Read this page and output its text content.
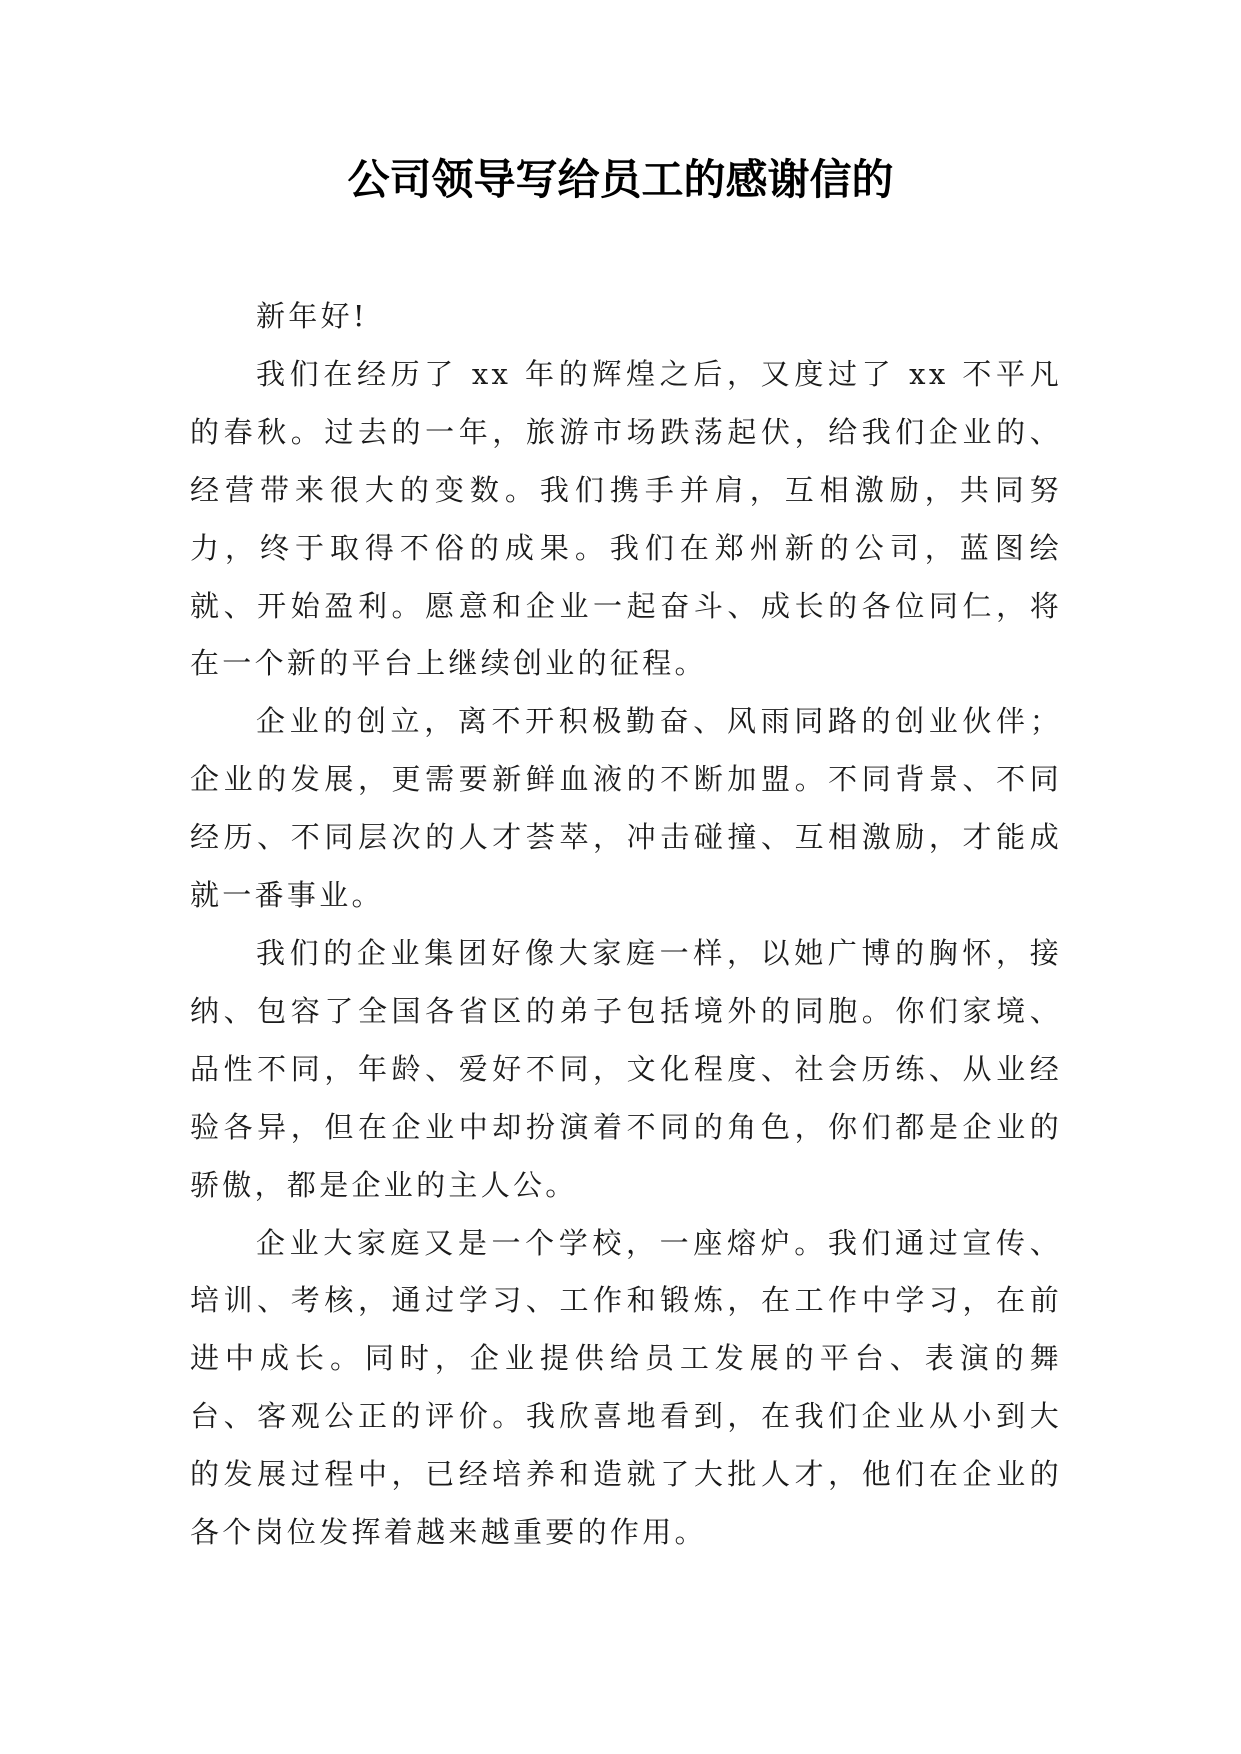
公司领导写给员工的感谢信的

新年好!

我们在经历了 xx 年的辉煌之后，又度过了 xx 不平凡的春秋。过去的一年，旅游市场跌荡起伏，给我们企业的、经营带来很大的变数。我们携手并肩，互相激励，共同努力，终于取得不俗的成果。我们在郑州新的公司，蓝图绘就、开始盈利。愿意和企业一起奋斗、成长的各位同仁，将在一个新的平台上继续创业的征程。

企业的创立，离不开积极勤奋、风雨同路的创业伙伴；企业的发展，更需要新鲜血液的不断加盟。不同背景、不同经历、不同层次的人才荟萃，冲击碰撞、互相激励，才能成就一番事业。

我们的企业集团好像大家庭一样，以她广博的胸怀，接纳、包容了全国各省区的弟子包括境外的同胞。你们家境、品性不同，年龄、爱好不同，文化程度、社会历练、从业经验各异，但在企业中却扮演着不同的角色，你们都是企业的骄傲，都是企业的主人公。

企业大家庭又是一个学校，一座熔炉。我们通过宣传、培训、考核，通过学习、工作和锻炼，在工作中学习，在前进中成长。同时，企业提供给员工发展的平台、表演的舞台、客观公正的评价。我欣喜地看到，在我们企业从小到大的发展过程中，已经培养和造就了大批人才，他们在企业的各个岗位发挥着越来越重要的作用。
